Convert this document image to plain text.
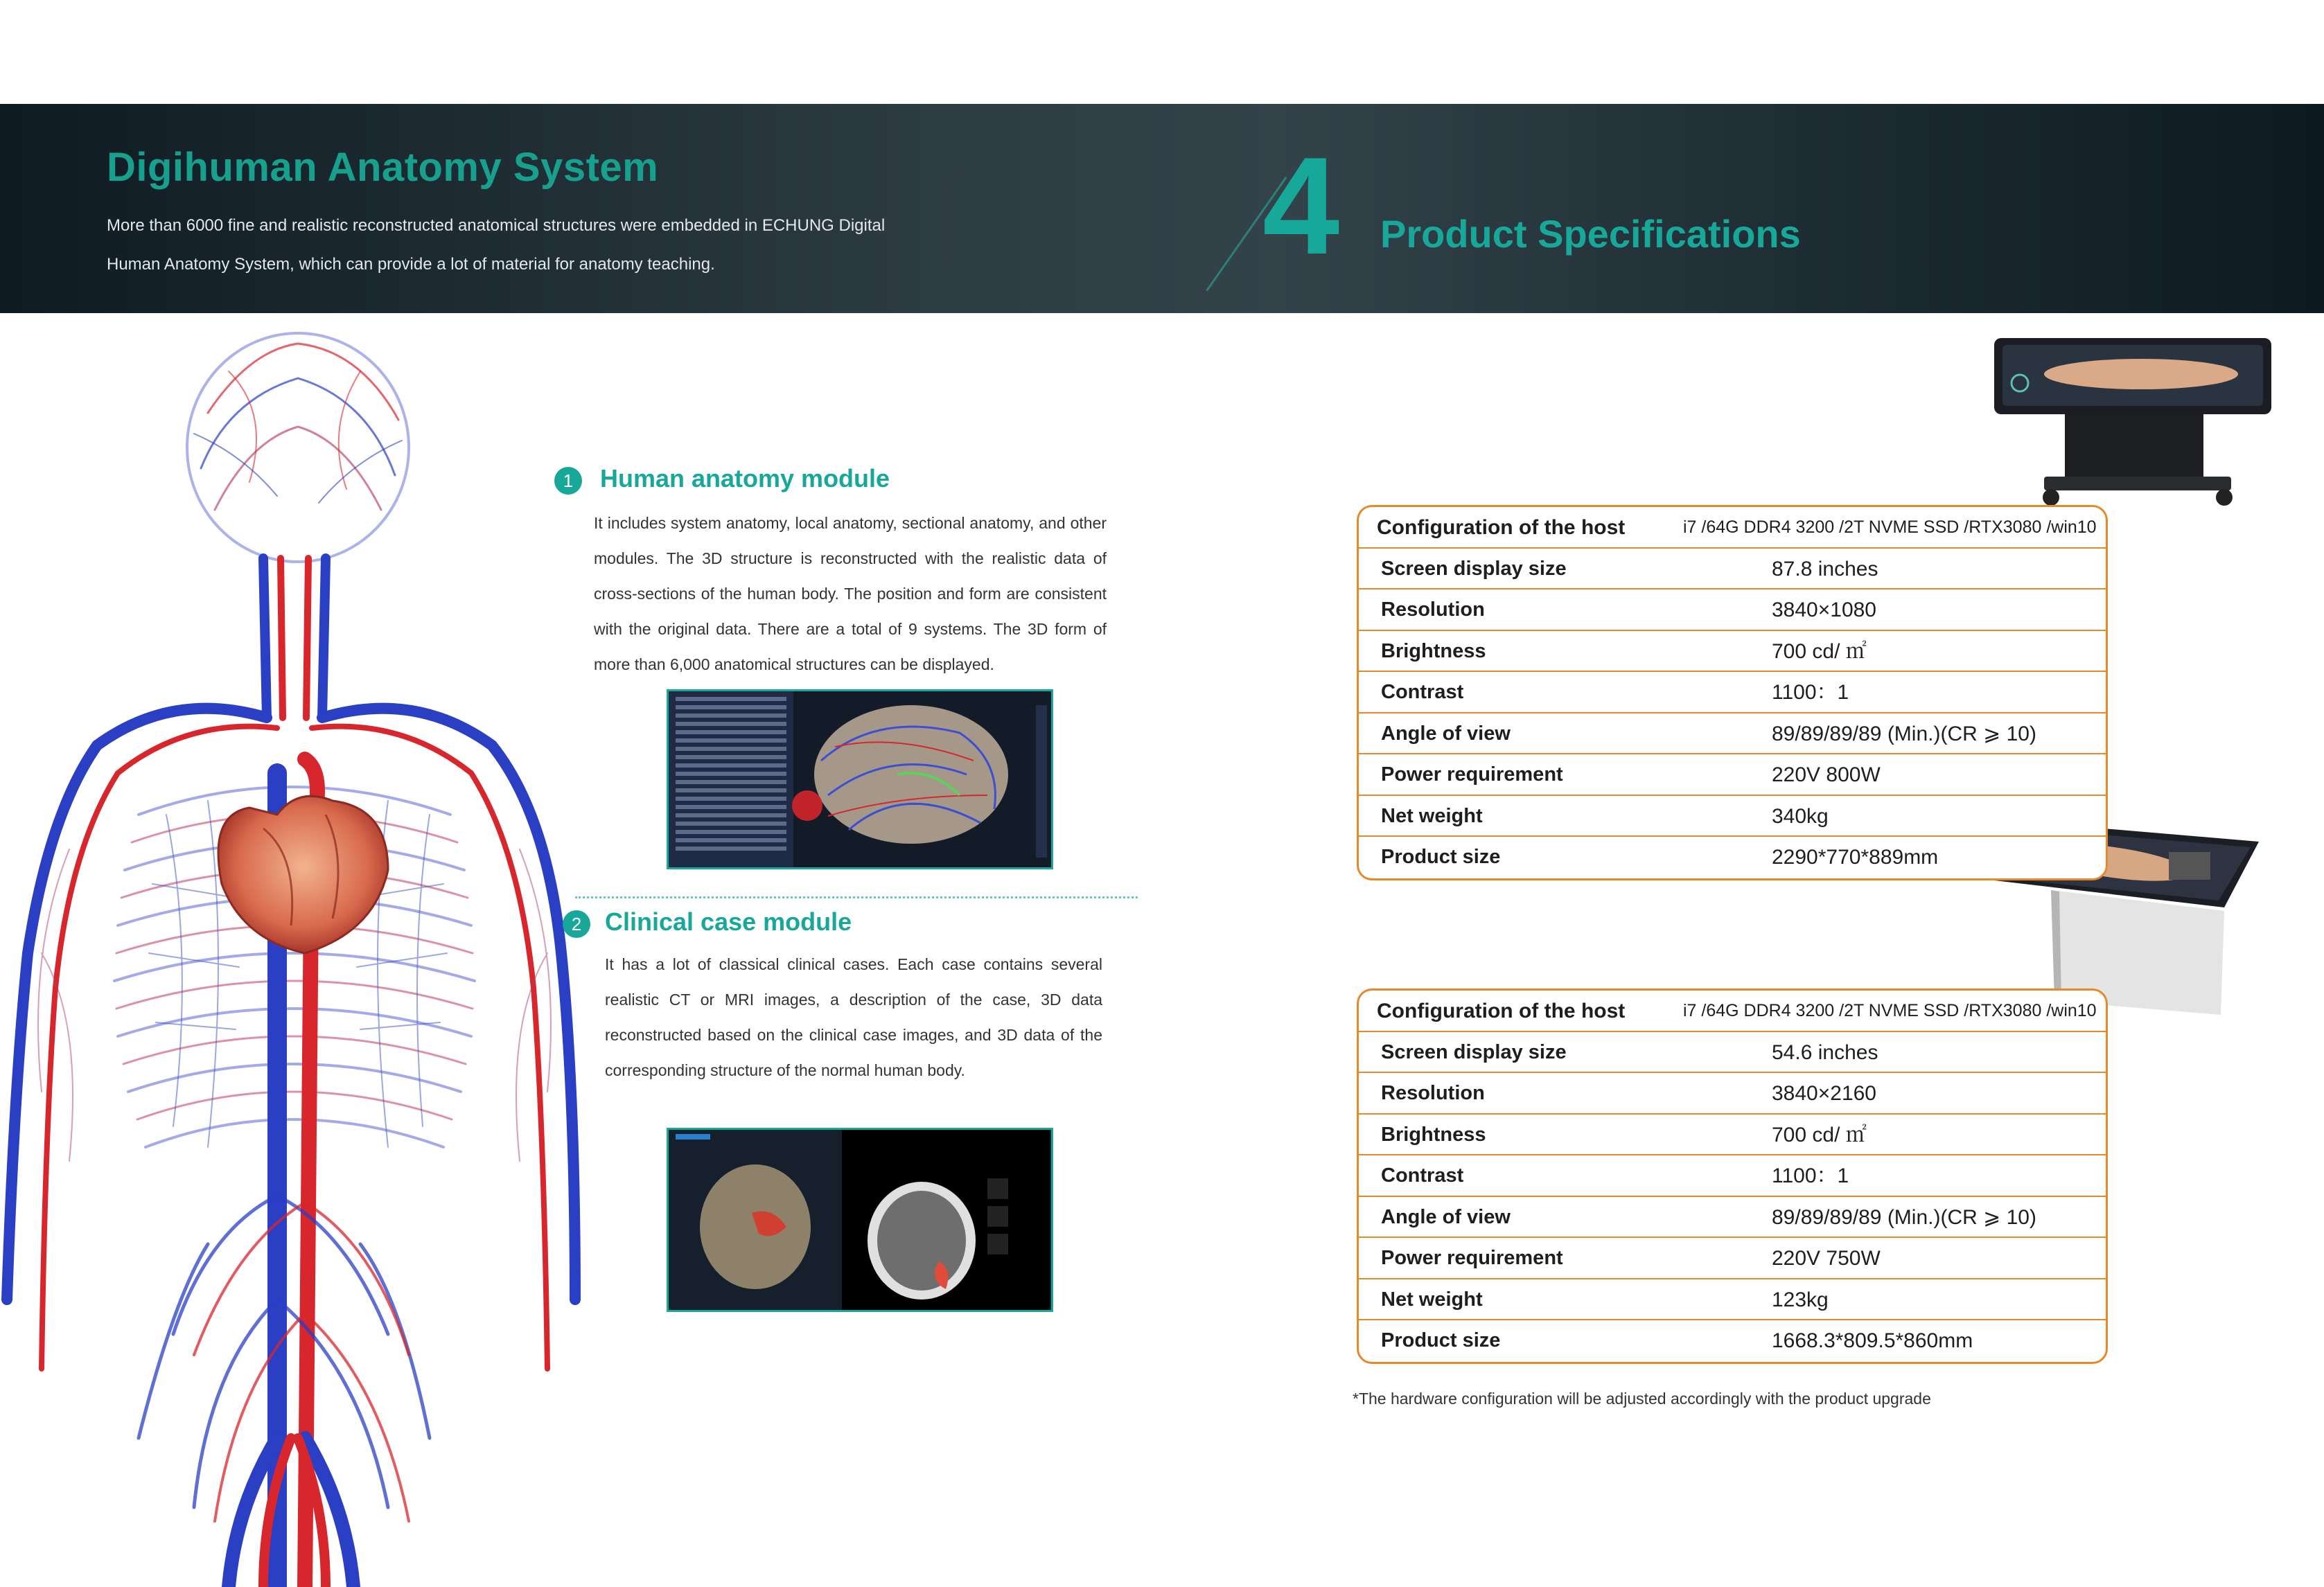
Digihuman Anatomy System
More than 6000 fine and realistic reconstructed anatomical structures were embedded in ECHUNG Digital Human Anatomy System, which can provide a lot of material for anatomy teaching.	4 Product Specifications
1	Human anatomy module
It includes system anatomy, local anatomy, sectional anatomy, and other modules. The 3D structure is reconstructed with the realistic data of cross-sections of the human body. The position and form are consistent with the original data. There are a total of 9 systems. The 3D form of more than 6,000 anatomical structures can be displayed.
2 Clinical case module
It has a lot of classical clinical cases. Each case contains several realistic CT or MRI images, a description of the case, 3D data reconstructed based on the clinical case images, and 3D data of the corresponding structure of the normal human body.
Configuration of the host	i7 /64G DDR4 3200 /2T NVME SSD /RTX3080 /win10
Screen display size	87.8 inches
Resolution	3840×1080
Brightness	700 cd/ ㎡
Contrast	1100：1
Angle of view	89/89/89/89 (Min.)(CR ⩾ 10)
Power requirement	220V 800W
Net weight	340kg
Product size	2290*770*889mm
Configuration of the host	i7 /64G DDR4 3200 /2T NVME SSD /RTX3080 /win10
Screen display size	54.6 inches
Resolution	3840×2160
Brightness	700 cd/ ㎡
Contrast	1100：1
Angle of view	89/89/89/89 (Min.)(CR ⩾ 10)
Power requirement	220V 750W
Net weight	123kg
Product size	1668.3*809.5*860mm
*The hardware configuration will be adjusted accordingly with the product upgrade
